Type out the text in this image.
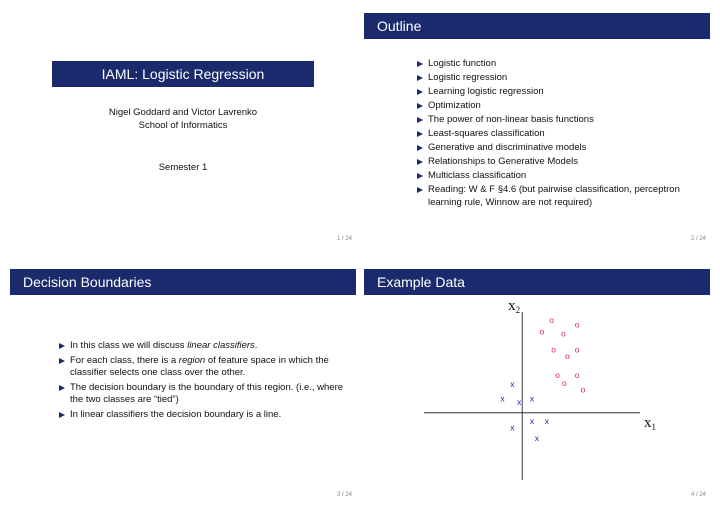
IAML: Logistic Regression
Nigel Goddard and Victor Lavrenko
School of Informatics
Semester 1
1 / 24
Outline
Logistic function
Logistic regression
Learning logistic regression
Optimization
The power of non-linear basis functions
Least-squares classification
Generative and discriminative models
Relationships to Generative Models
Multiclass classification
Reading: W & F §4.6 (but pairwise classification, perceptron learning rule, Winnow are not required)
2 / 24
Decision Boundaries
In this class we will discuss linear classifiers.
For each class, there is a region of feature space in which the classifier selects one class over the other.
The decision boundary is the boundary of this region. (i.e., where the two classes are “tied”)
In linear classifiers the decision boundary is a line.
3 / 24
Example Data
$x_1$
$x_2$
x
x	x
x
x x
x
x
o o
o o
o o
o
o o
o
o
4 / 24
